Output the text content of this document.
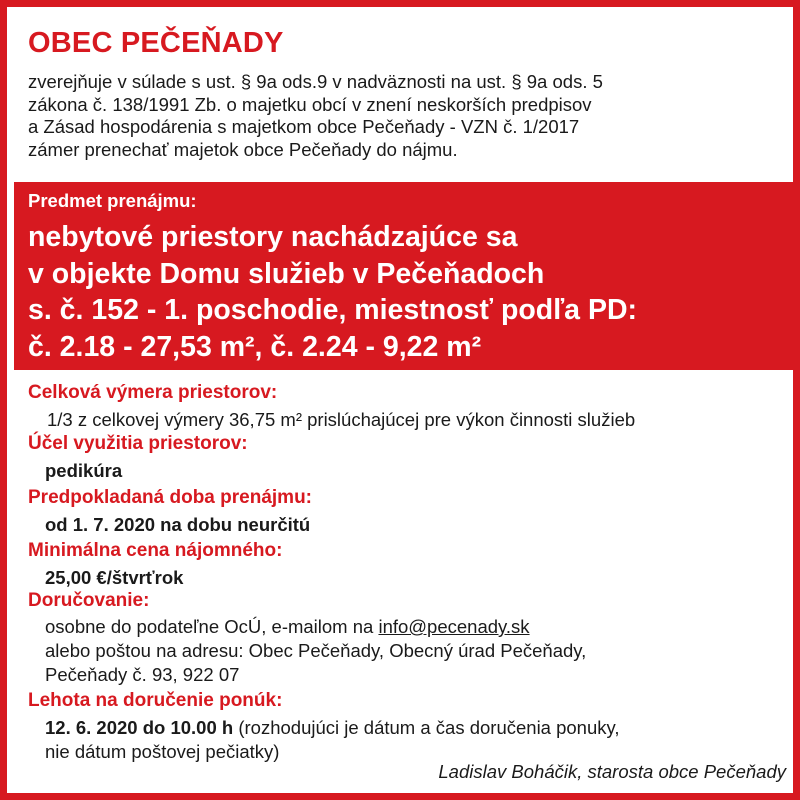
OBEC PEČEŇADY
zverejňuje v súlade s ust. § 9a ods.9 v nadväznosti na ust. § 9a ods. 5
zákona č. 138/1991 Zb. o majetku obcí v znení neskorších predpisov
a Zásad hospodárenia s majetkom obce Pečeňady - VZN č. 1/2017
zámer prenechať majetok obce Pečeňady do nájmu.
Predmet prenájmu:
nebytové priestory nachádzajúce sa
v objekte Domu služieb v Pečeňadoch
s. č. 152 - 1. poschodie, miestnosť podľa PD:
č. 2.18 - 27,53 m², č. 2.24 - 9,22 m²
Celková výmera priestorov:
1/3 z celkovej výmery 36,75 m² prislúchajúcej pre výkon činnosti služieb
Účel využitia priestorov:
pedikúra
Predpokladaná doba prenájmu:
od 1. 7. 2020 na dobu neurčitú
Minimálna cena nájomného:
25,00 €/štvrťrok
Doručovanie:
osobne do podateľne OcÚ, e-mailom na info@pecenady.sk
alebo poštou na adresu: Obec Pečeňady, Obecný úrad Pečeňady,
Pečeňady č. 93, 922 07
Lehota na doručenie ponúk:
12. 6. 2020 do 10.00 h (rozhodujúci je dátum a čas doručenia ponuky,
nie dátum poštovej pečiatky)
Ladislav Boháčik, starosta obce Pečeňady
